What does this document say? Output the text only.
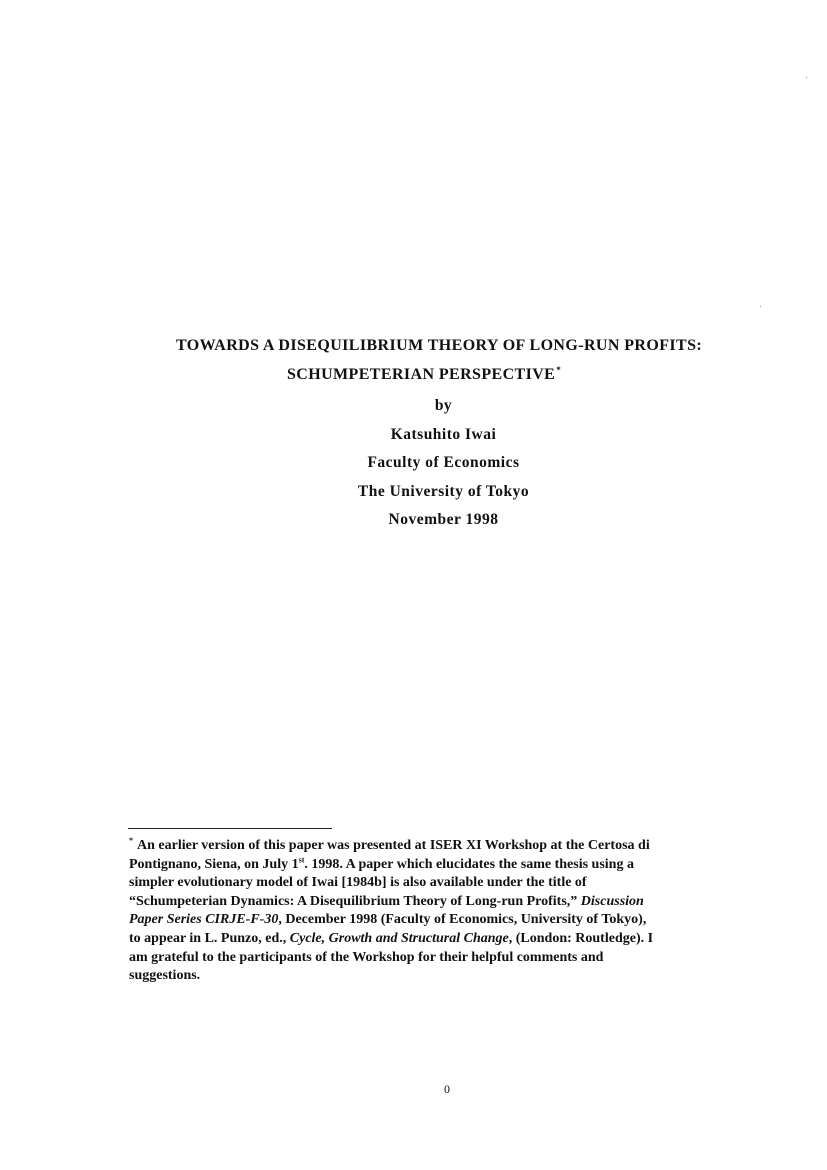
TOWARDS A DISEQUILIBRIUM THEORY OF LONG-RUN PROFITS:
SCHUMPETERIAN PERSPECTIVE*
by
Katsuhito Iwai
Faculty of Economics
The University of Tokyo
November 1998
* An earlier version of this paper was presented at ISER XI Workshop at the Certosa di
Pontignano, Siena, on July 1st. 1998. A paper which elucidates the same thesis using a
simpler evolutionary model of Iwai [1984b] is also available under the title of
“Schumpeterian Dynamics: A Disequilibrium Theory of Long-run Profits,” Discussion
Paper Series CIRJE-F-30, December 1998 (Faculty of Economics, University of Tokyo),
to appear in L. Punzo, ed., Cycle, Growth and Structural Change, (London: Routledge). I
am grateful to the participants of the Workshop for their helpful comments and
suggestions.
0
